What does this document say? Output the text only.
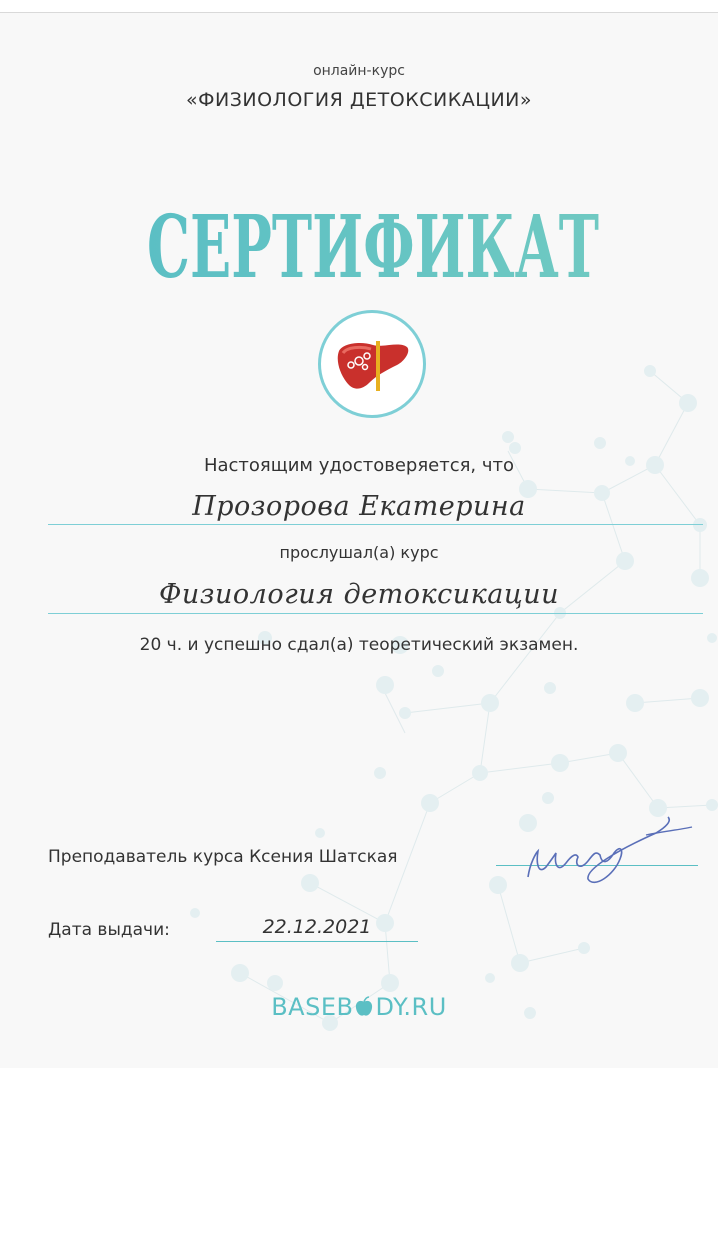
онлайн-курс
«ФИЗИОЛОГИЯ ДЕТОКСИКАЦИИ»
СЕРТИФИКАТ
Настоящим удостоверяется, что
Прозорова Екатерина
прослушал(а) курс
Физиология детоксикации
20 ч. и успешно сдал(а) теоретический экзамен.
Преподаватель курса Ксения Шатская
Дата выдачи:	22.12.2021
BASEB DY.RU
